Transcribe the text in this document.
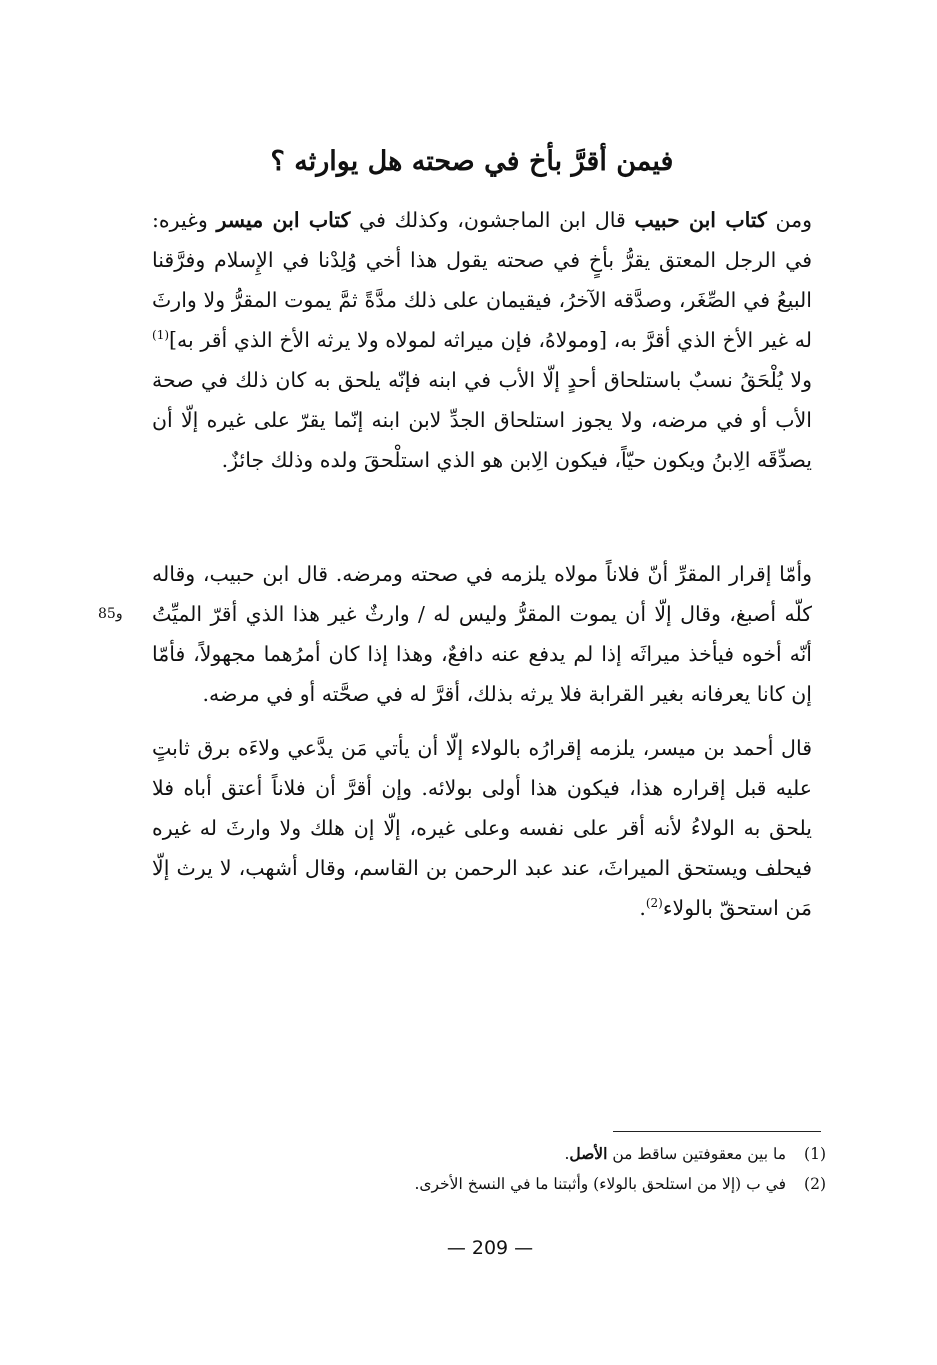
فيمن أقرَّ بأخ في صحته هل يوارثه ؟

ومن كتاب ابن حبيب قال ابن الماجشون، وكذلك في كتاب ابن ميسر وغيره: في الرجل المعتق يقرُّ بأخٍ في صحته يقول هذا أخي وُلِدْنا في الإِسلام وفرَّقنا البيعُ في الصِّغَر، وصدَّقه الآخرُ، فيقيمان على ذلك مدَّةً ثمَّ يموت المقرُّ ولا وارثَ له غير الأخ الذي أقرَّ به، [ومولاهُ، فإن ميراثه لمولاه ولا يرثه الأخ الذي أقر به]$^{(1)}$ ولا يُلْحَقُ نسبٌ باستلحاق أحدٍ إلّا الأب في ابنه فإنّه يلحق به كان ذلك في صحة الأب أو في مرضه، ولا يجوز استلحاق الجدِّ لابن ابنه إنّما يقرّ على غيره إلّا أن يصدِّقَه الِابنُ ويكون حيّاً، فيكون الِابن هو الذي استلْحقَ ولده وذلك جائزٌ.

85و

وأمّا إقرار المقرِّ أنّ فلاناً مولاه يلزمه في صحته ومرضه. قال ابن حبيب، وقاله كلّه أصبغ، وقال إلّا أن يموت المقرُّ وليس له / وارثٌ غير هذا الذي أقرّ الميِّتُ أنّه أخوه فيأخذ ميراثَه إذا لم يدفع عنه دافعٌ، وهذا إذا كان أمرُهما مجهولاً، فأمّا إن كانا يعرفانه بغير القرابة فلا يرثه بذلك، أقرَّ له في صحَّته أو في مرضه.

قال أحمد بن ميسر، يلزمه إقرارُه بالولاء إلّا أن يأتي مَن يدَّعي ولاءَه برق ثابتٍ عليه قبل إقراره هذا، فيكون هذا أولى بولائه. وإن أقرَّ أن فلاناً أعتق أباه فلا يلحق به الولاءُ لأنه أقر على نفسه وعلى غيره، إلّا إن هلك ولا وارثَ له غيره فيحلف ويستحق الميراثَ، عند عبد الرحمن بن القاسم، وقال أشهب، لا يرث إلّا مَن استحقّ بالولاء$^{(2)}$.

(1)
ما بين معقوفتين ساقط من الأصل.
(2)
في ب (إلا من استلحق بالولاء) وأثبتنا ما في النسخ الأخرى.
— 209 —
